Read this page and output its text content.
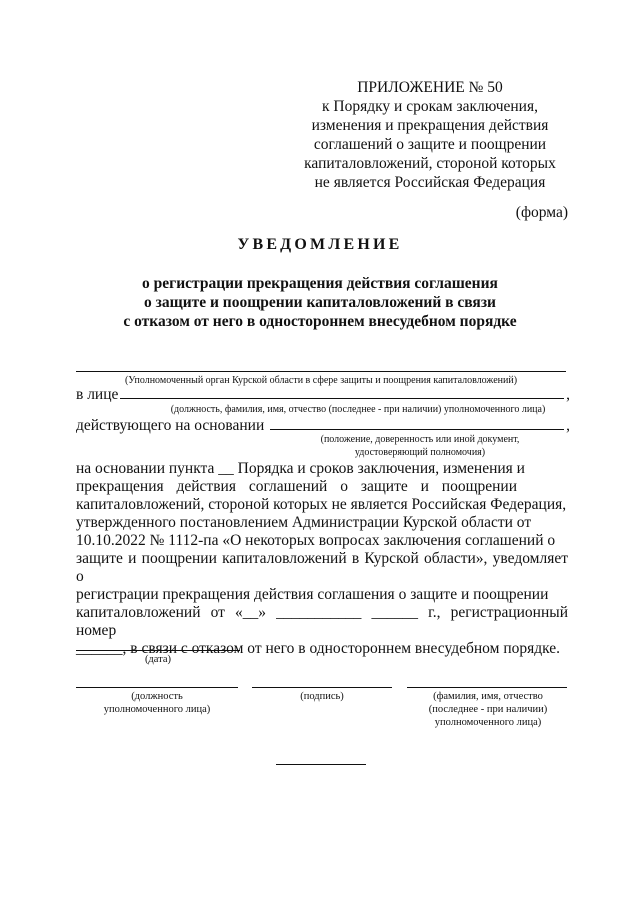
ПРИЛОЖЕНИЕ № 50
к Порядку и срокам заключения,
изменения и прекращения действия
соглашений о защите и поощрении
капиталовложений, стороной которых
не является Российская Федерация
(форма)
УВЕДОМЛЕНИЕ
о регистрации прекращения действия соглашения
о защите и поощрении капиталовложений в связи
с отказом от него в одностороннем внесудебном порядке
(Уполномоченный орган Курской области в сфере защиты и поощрения капиталовложений)
в лице	,
(должность, фамилия, имя, отчество (последнее - при наличии) уполномоченного лица)
действующего на основании	,
(положение, доверенность или иной документ,
удостоверяющий полномочия)
на основании пункта __ Порядка и сроков заключения, изменения и
прекращения действия соглашений о защите и поощрении
капиталовложений, стороной которых не является Российская Федерация,
утвержденного постановлением Администрации Курской области от
10.10.2022 № 1112-па «О некоторых вопросах заключения соглашений о
защите и поощрении капиталовложений в Курской области», уведомляет о
регистрации прекращения действия соглашения о защите и поощрении
капиталовложений от «__» ___________ ______ г., регистрационный номер
______, в связи с отказом от него в одностороннем внесудебном порядке.
(дата)
(должность
уполномоченного лица)
(подпись)	(фамилия, имя, отчество
(последнее - при наличии)
уполномоченного лица)
